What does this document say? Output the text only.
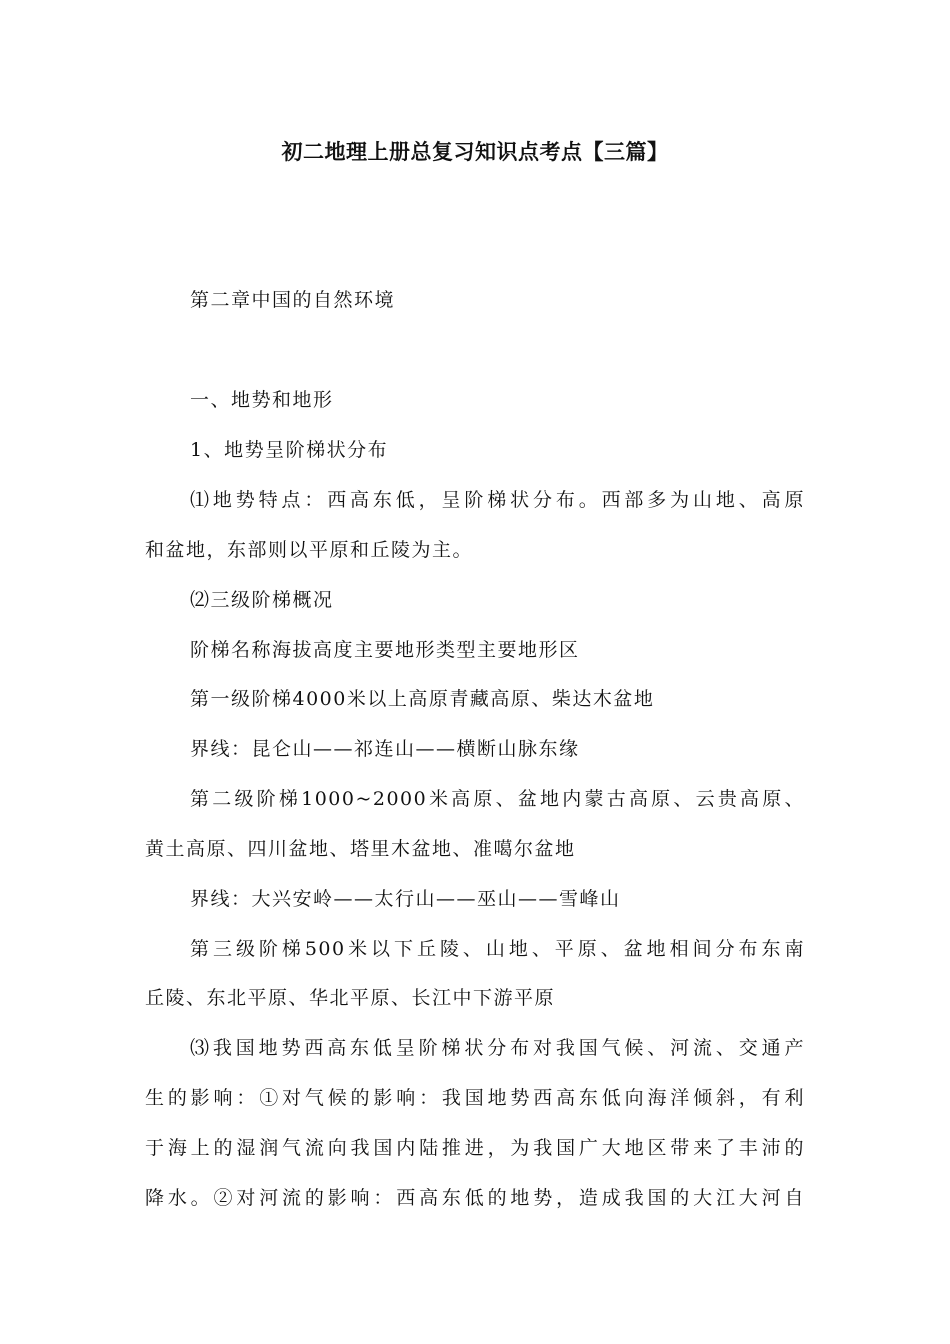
初二地理上册总复习知识点考点【三篇】
第二章中国的自然环境
一、地势和地形
1、地势呈阶梯状分布
⑴地势特点：西高东低，呈阶梯状分布。西部多为山地、高原
和盆地，东部则以平原和丘陵为主。
⑵三级阶梯概况
阶梯名称海拔高度主要地形类型主要地形区
第一级阶梯4000米以上高原青藏高原、柴达木盆地
界线：昆仑山——祁连山——横断山脉东缘
第二级阶梯1000~2000米高原、盆地内蒙古高原、云贵高原、
黄土高原、四川盆地、塔里木盆地、准噶尔盆地
界线：大兴安岭——太行山——巫山——雪峰山
第三级阶梯500米以下丘陵、山地、平原、盆地相间分布东南
丘陵、东北平原、华北平原、长江中下游平原
⑶我国地势西高东低呈阶梯状分布对我国气候、河流、交通产
生的影响：①对气候的影响：我国地势西高东低向海洋倾斜，有利
于海上的湿润气流向我国内陆推进，为我国广大地区带来了丰沛的
降水。②对河流的影响：西高东低的地势，造成我国的大江大河自
